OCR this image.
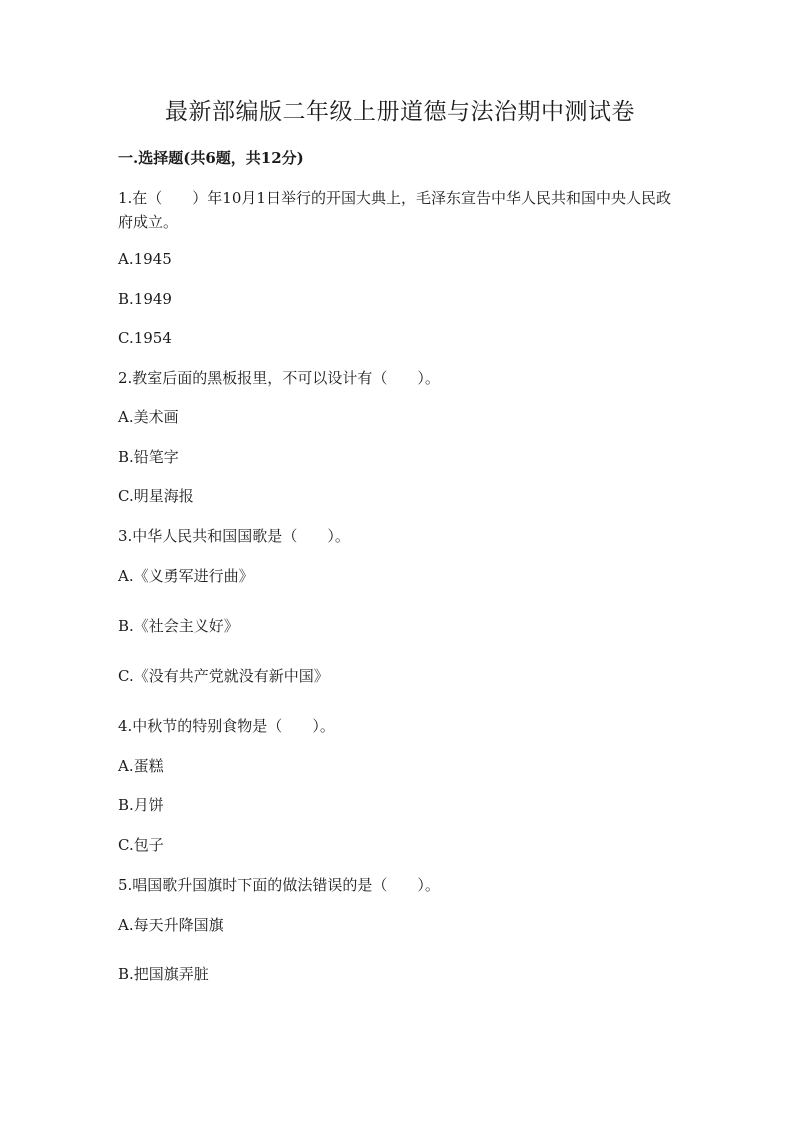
最新部编版二年级上册道德与法治期中测试卷

一.选择题(共6题，共12分)

1.在（　　）年10月1日举行的开国大典上，毛泽东宣告中华人民共和国中央人民政府成立。

A.1945

B.1949

C.1954

2.教室后面的黑板报里，不可以设计有（　　）。

A.美术画

B.铅笔字

C.明星海报

3.中华人民共和国国歌是（　　）。

A.《义勇军进行曲》

B.《社会主义好》

C.《没有共产党就没有新中国》

4.中秋节的特别食物是（　　）。

A.蛋糕

B.月饼

C.包子

5.唱国歌升国旗时下面的做法错误的是（　　）。

A.每天升降国旗

B.把国旗弄脏
